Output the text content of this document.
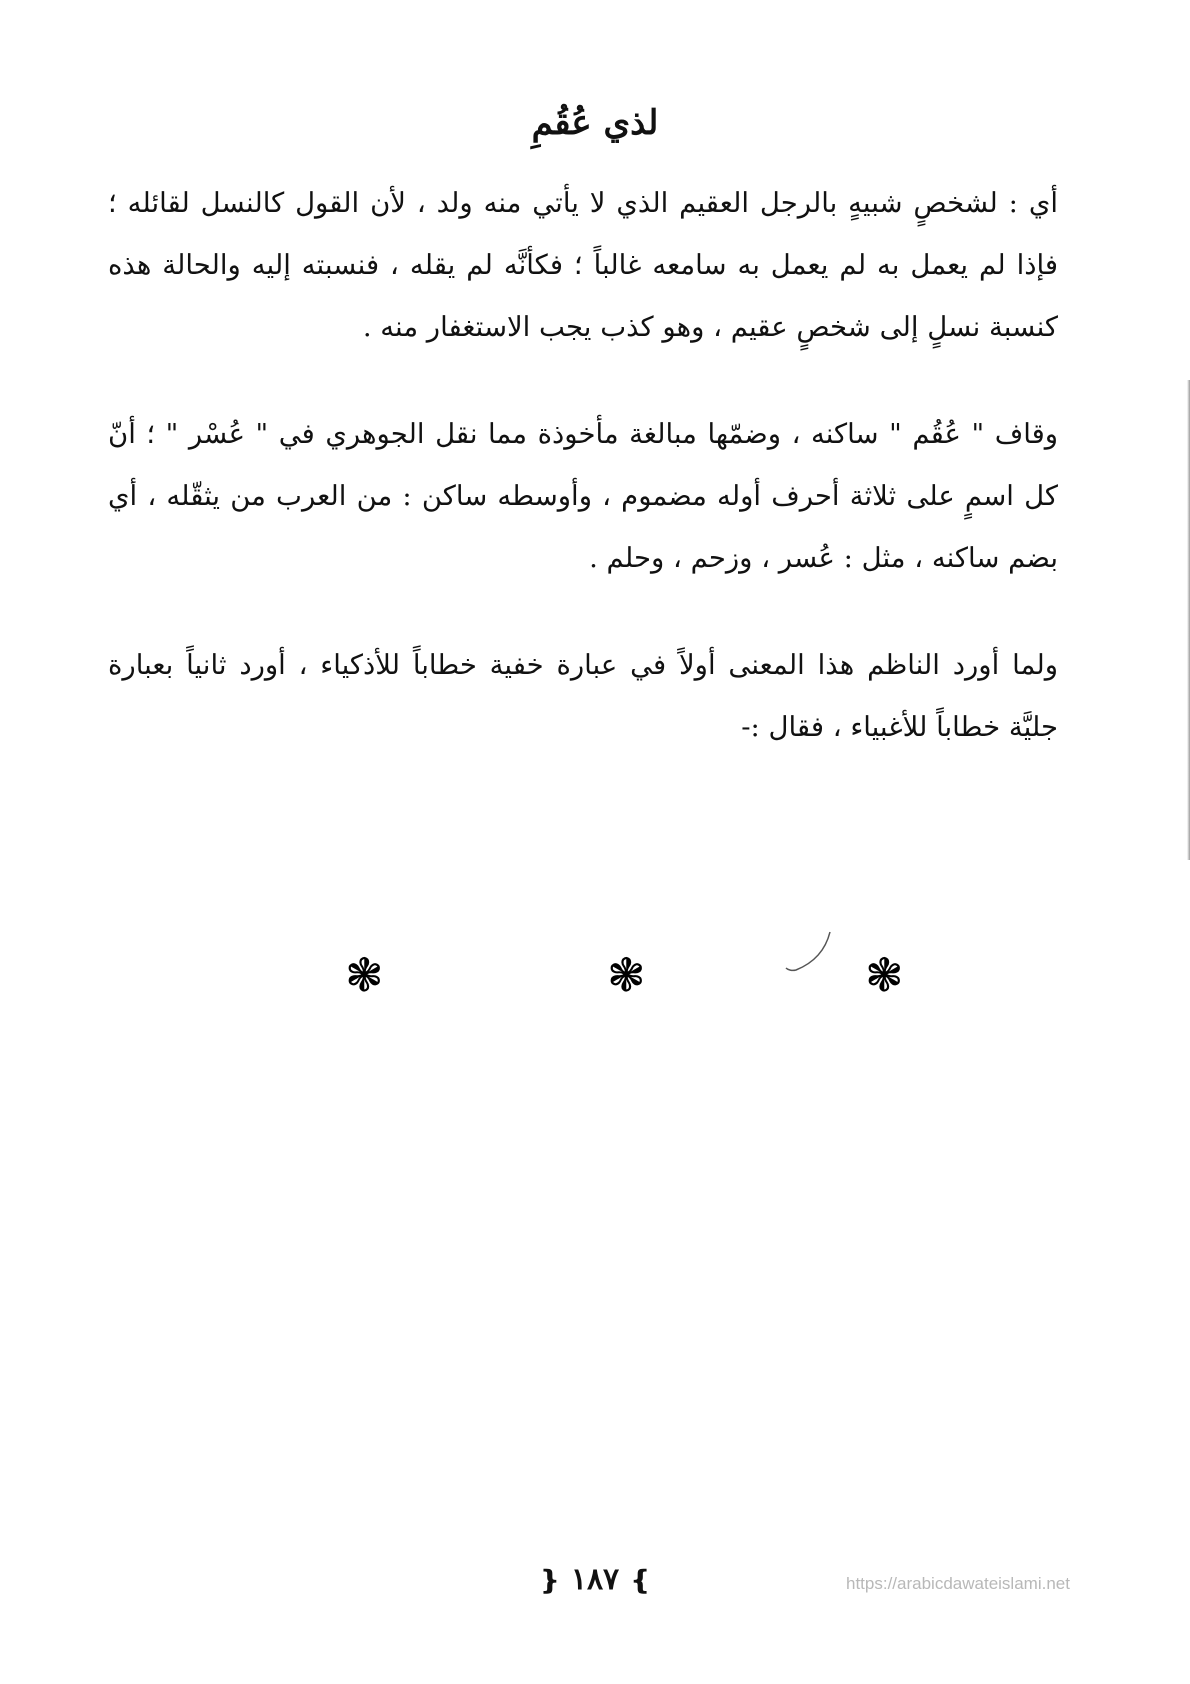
لذي عُقُمِ

أي : لشخصٍ شبيهٍ بالرجل العقيم الذي لا يأتي منه ولد ، لأن القول كالنسل لقائله ؛ فإذا لم يعمل به لم يعمل به سامعه غالباً ؛ فكأنَّه لم يقله ، فنسبته إليه والحالة هذه كنسبة نسلٍ إلى شخصٍ عقيم ، وهو كذب يجب الاستغفار منه .

وقاف " عُقُم " ساكنه ، وضمّها مبالغة مأخوذة مما نقل الجوهري في " عُسْر " ؛ أنّ كل اسمٍ على ثلاثة أحرف أوله مضموم ، وأوسطه ساكن : من العرب من يثقّله ، أي بضم ساكنه ، مثل : عُسر ، وزحم ، وحلم .

ولما أورد الناظم هذا المعنى أولاً في عبارة خفية خطاباً للأذكياء ، أورد ثانياً بعبارة جليَّة خطاباً للأغبياء ، فقال :-

❃	❃	❃
❵ ١٨٧ ❴	https://arabicdawateislami.net
